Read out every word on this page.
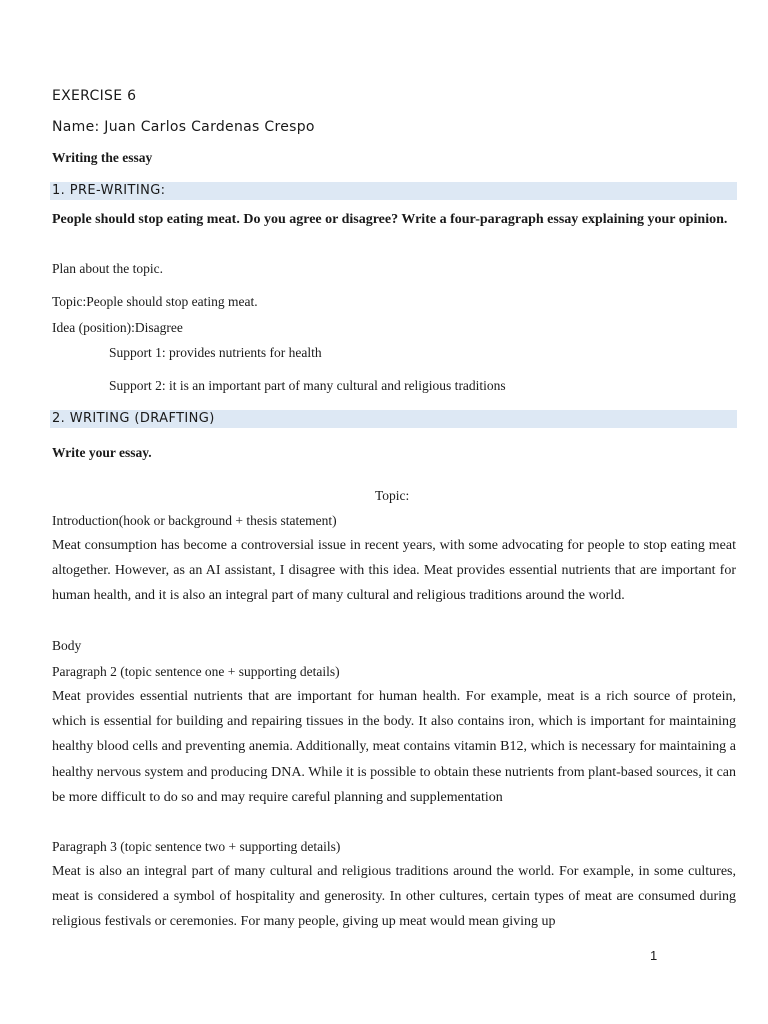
EXERCISE 6
Name: Juan Carlos Cardenas Crespo
Writing the essay
1. PRE-WRITING:
People should stop eating meat. Do you agree or disagree? Write a four-paragraph essay explaining your opinion.
Plan about the topic.
Topic:People should stop eating meat.
Idea (position):Disagree
Support 1: provides nutrients for health
Support 2: it is an important part of many cultural and religious traditions
2. WRITING (DRAFTING)
Write your essay.
Topic:
Introduction(hook or background + thesis statement)
Meat consumption has become a controversial issue in recent years, with some advocating for people to stop eating meat altogether. However, as an AI assistant, I disagree with this idea. Meat provides essential nutrients that are important for human health, and it is also an integral part of many cultural and religious traditions around the world.
Body
Paragraph 2 (topic sentence one + supporting details)
Meat provides essential nutrients that are important for human health. For example, meat is a rich source of protein, which is essential for building and repairing tissues in the body. It also contains iron, which is important for maintaining healthy blood cells and preventing anemia. Additionally, meat contains vitamin B12, which is necessary for maintaining a healthy nervous system and producing DNA. While it is possible to obtain these nutrients from plant-based sources, it can be more difficult to do so and may require careful planning and supplementation
Paragraph 3 (topic sentence two + supporting details)
Meat is also an integral part of many cultural and religious traditions around the world. For example, in some cultures, meat is considered a symbol of hospitality and generosity. In other cultures, certain types of meat are consumed during religious festivals or ceremonies. For many people, giving up meat would mean giving up
1
